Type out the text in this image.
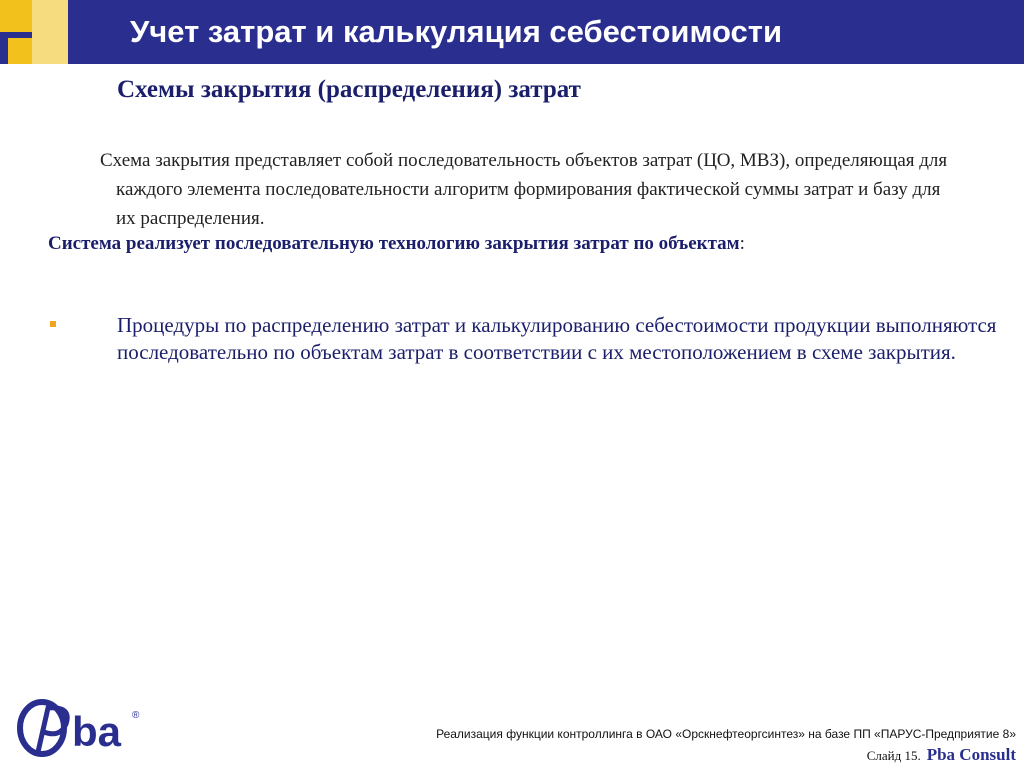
Учет затрат и калькуляция себестоимости
Схемы закрытия (распределения) затрат
Схема закрытия представляет собой последовательность объектов затрат (ЦО, МВЗ), определяющая для каждого элемента последовательности алгоритм формирования фактической суммы затрат и базу для их распределения.
Система реализует последовательную технологию закрытия затрат по объектам:
Процедуры по распределению затрат и калькулированию себестоимости продукции выполняются последовательно по объектам затрат в соответствии с их местоположением в схеме закрытия.
ba ®
Реализация функции контроллинга в ОАО «Орскнефтеоргсинтез» на базе ПП «ПАРУС-Предприятие 8»
Слайд 15. Pba Consult
